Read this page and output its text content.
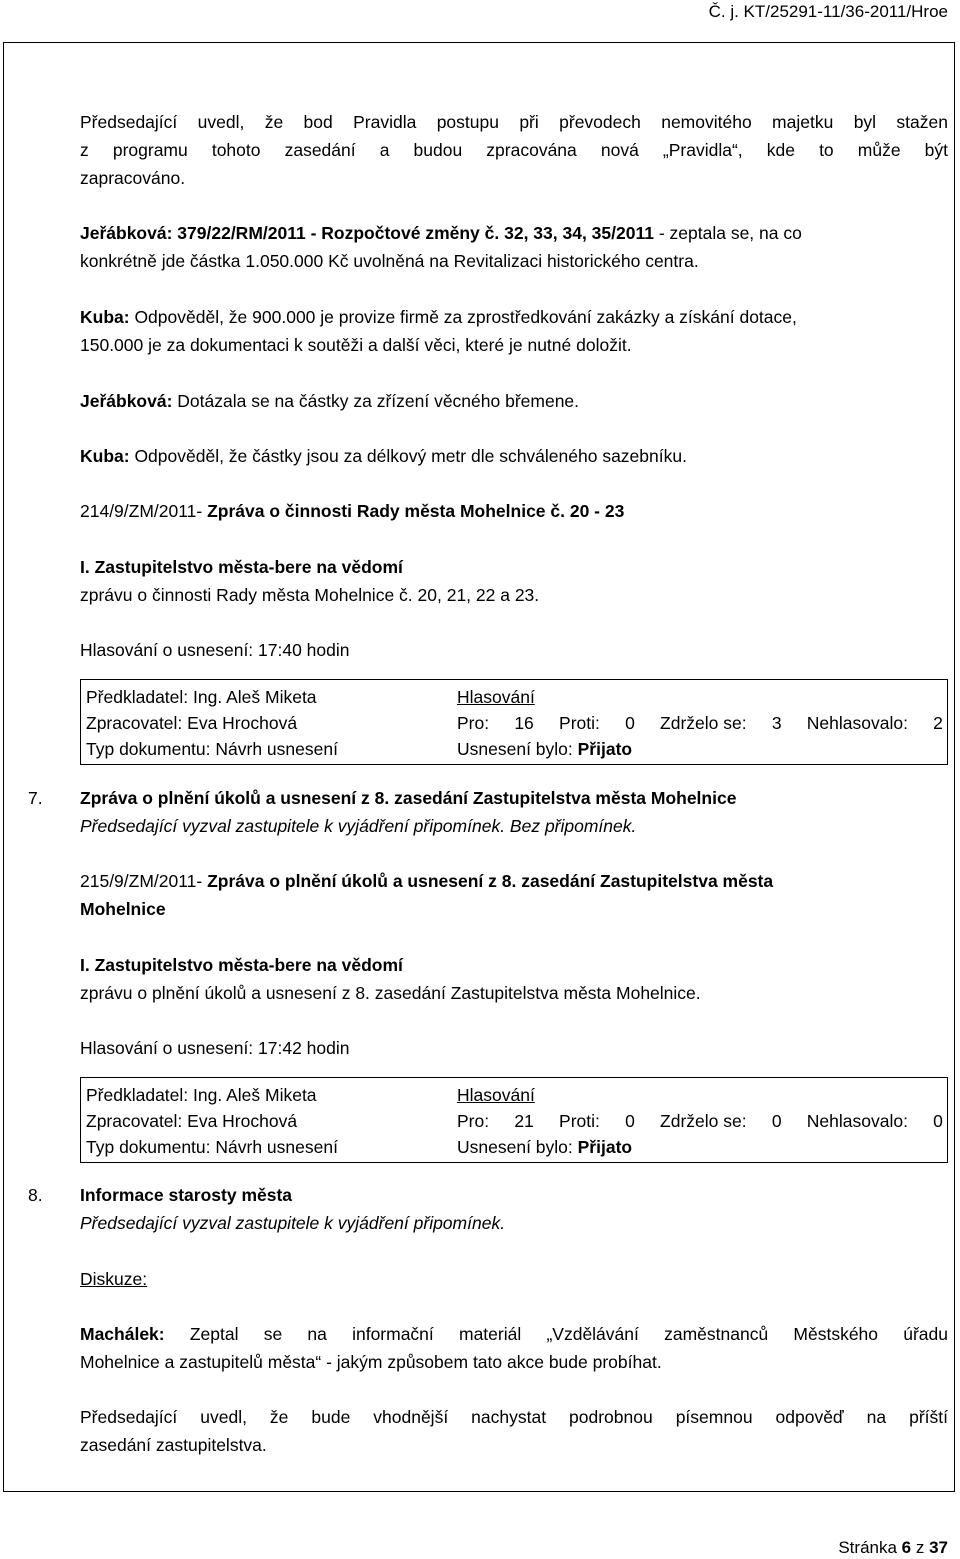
Č. j. KT/25291-11/36-2011/Hroe
Předsedající uvedl, že bod Pravidla postupu při převodech nemovitého majetku byl stažen
z programu tohoto zasedání a budou zpracována nová „Pravidla“, kde to může být
zapracováno.
Jeřábková: 379/22/RM/2011 - Rozpočtové změny č. 32, 33, 34, 35/2011 - zeptala se, na co
konkrétně jde částka 1.050.000 Kč uvolněná na Revitalizaci historického centra.
Kuba: Odpověděl, že 900.000 je provize firmě za zprostředkování zakázky a získání dotace,
150.000 je za dokumentaci k soutěži a další věci, které je nutné doložit.
Jeřábková: Dotázala se na částky za zřízení věcného břemene.
Kuba: Odpověděl, že částky jsou za délkový metr dle schváleného sazebníku.
214/9/ZM/2011- Zpráva o činnosti Rady města Mohelnice č. 20 - 23
I. Zastupitelstvo města-bere na vědomí
zprávu o činnosti Rady města Mohelnice č. 20, 21, 22 a 23.
Hlasování o usnesení: 17:40 hodin
Předkladatel: Ing. Aleš Miketa
Zpracovatel: Eva Hrochová
Typ dokumentu: Návrh usnesení
Hlasování
Pro: 16 Proti: 0 Zdrželo se: 3 Nehlasovalo: 2
Usnesení bylo: Přijato
7. Zpráva o plnění úkolů a usnesení z 8. zasedání Zastupitelstva města Mohelnice
Předsedající vyzval zastupitele k vyjádření připomínek. Bez připomínek.
215/9/ZM/2011- Zpráva o plnění úkolů a usnesení z 8. zasedání Zastupitelstva města
Mohelnice
I. Zastupitelstvo města-bere na vědomí
zprávu o plnění úkolů a usnesení z 8. zasedání Zastupitelstva města Mohelnice.
Hlasování o usnesení: 17:42 hodin
Předkladatel: Ing. Aleš Miketa
Zpracovatel: Eva Hrochová
Typ dokumentu: Návrh usnesení
Hlasování
Pro: 21 Proti: 0 Zdrželo se: 0 Nehlasovalo: 0
Usnesení bylo: Přijato
8. Informace starosty města
Předsedající vyzval zastupitele k vyjádření připomínek.
Diskuze:
Machálek: Zeptal se na informační materiál „Vzdělávání zaměstnanců Městského úřadu
Mohelnice a zastupitelů města“ - jakým způsobem tato akce bude probíhat.
Předsedající uvedl, že bude vhodnější nachystat podrobnou písemnou odpověď na příští
zasedání zastupitelstva.
Stránka 6 z 37
